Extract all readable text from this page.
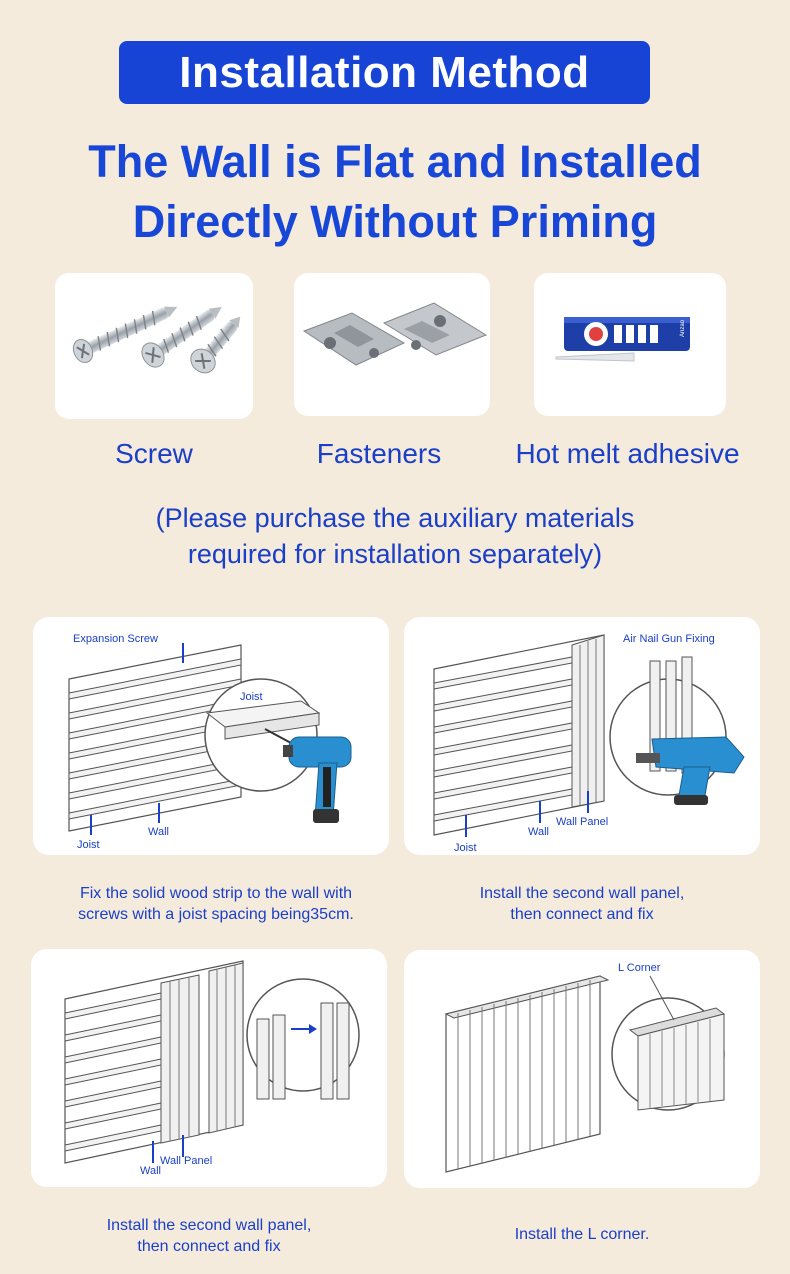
Installation Method
The Wall is Flat and Installed
Directly Without Priming
Anzao
Screw	Fasteners	Hot melt adhesive
(Please purchase the auxiliary materials
required for installation separately)
Expansion Screw
Joist
Wall
Joist
Air Nail Gun Fixing
Wall Panel
Wall
Joist
Fix the solid wood strip to the wall with
screws with a joist spacing being35cm.
Install the second wall panel,
then connect and fix
Wall Panel
Wall
L Corner
Install the second wall panel,
then connect and fix
Install the L corner.
